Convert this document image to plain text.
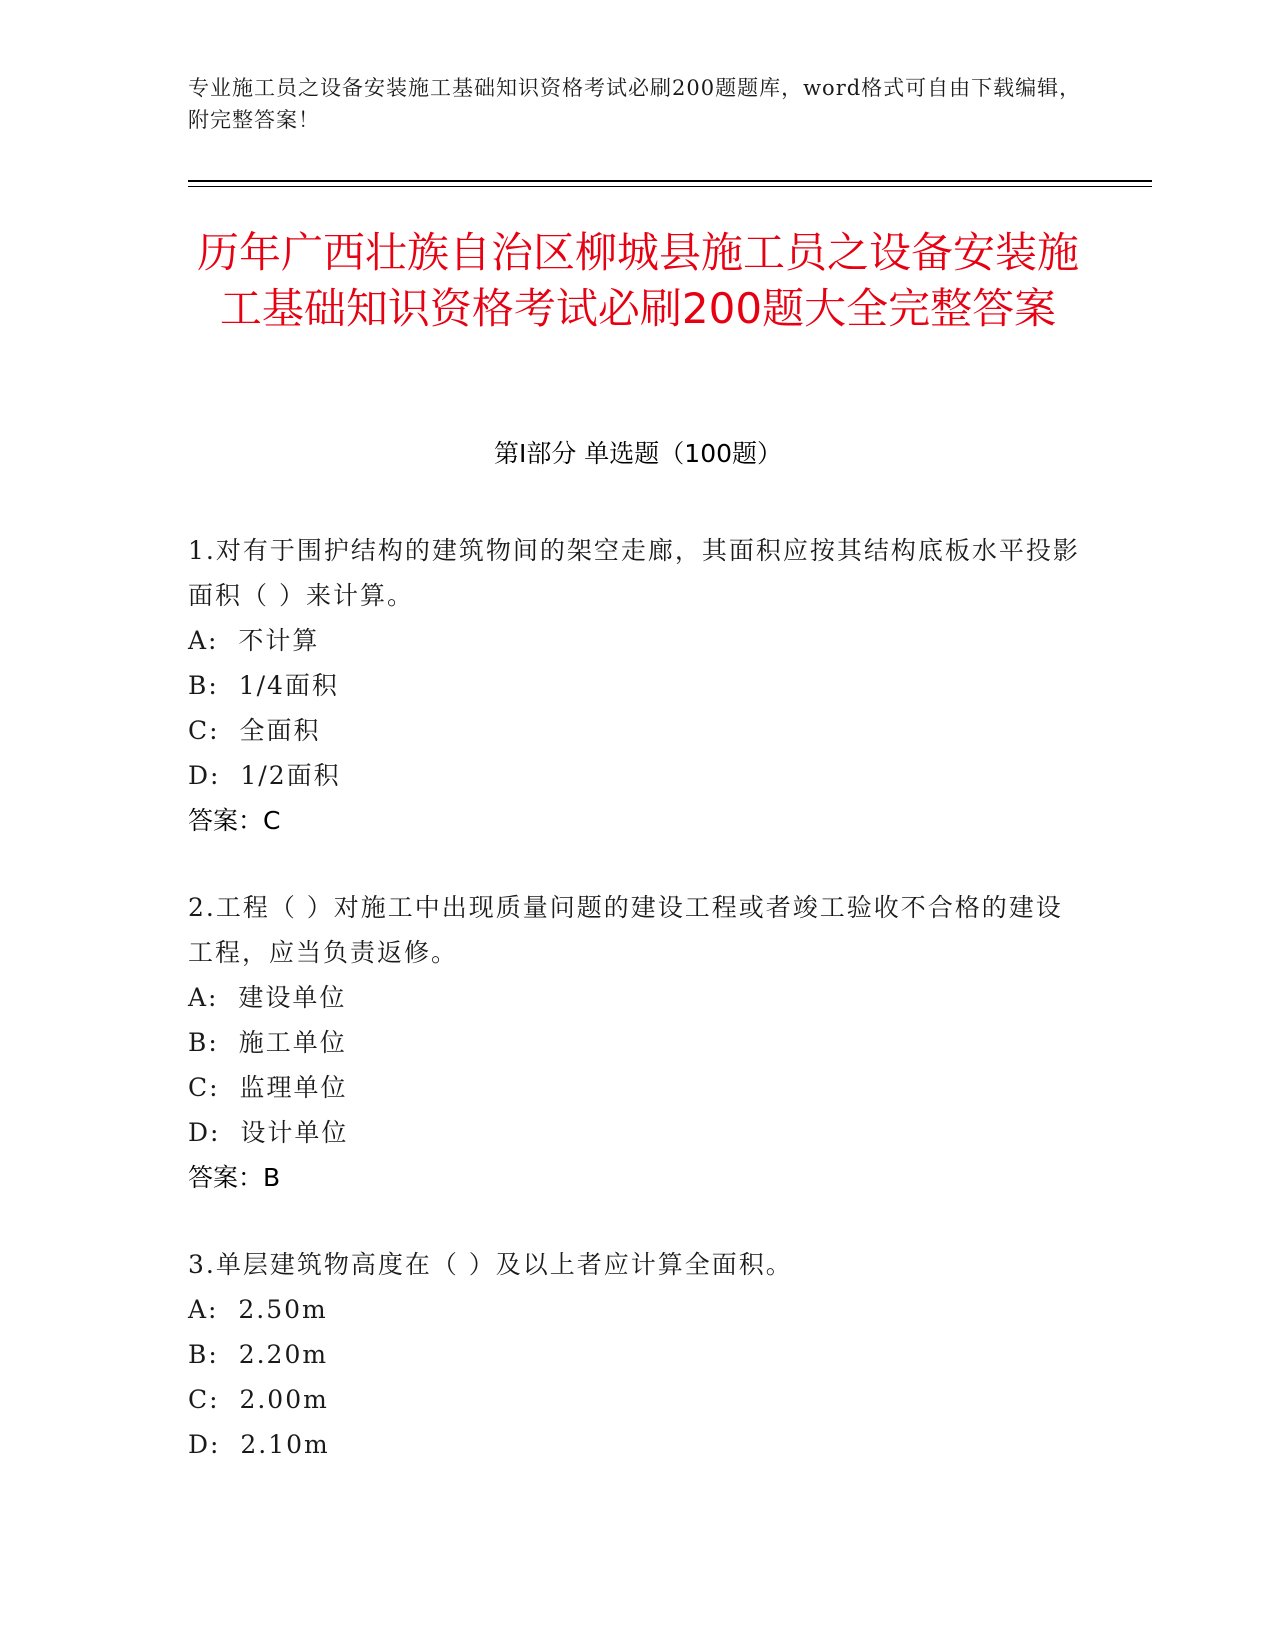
专业施工员之设备安装施工基础知识资格考试必刷200题题库，word格式可自由下载编辑，附完整答案！
历年广西壮族自治区柳城县施工员之设备安装施工基础知识资格考试必刷200题大全完整答案
第Ⅰ部分 单选题（100题）

1.对有于围护结构的建筑物间的架空走廊，其面积应按其结构底板水平投影面积（ ）来计算。

A:  不计算

B:  1/4面积

C:  全面积

D:  1/2面积

答案：C

2.工程（ ）对施工中出现质量问题的建设工程或者竣工验收不合格的建设工程，应当负责返修。

A:  建设单位

B:  施工单位

C:  监理单位

D:  设计单位

答案：B

3.单层建筑物高度在（ ）及以上者应计算全面积。

A:  2.50m

B:  2.20m

C:  2.00m

D:  2.10m
